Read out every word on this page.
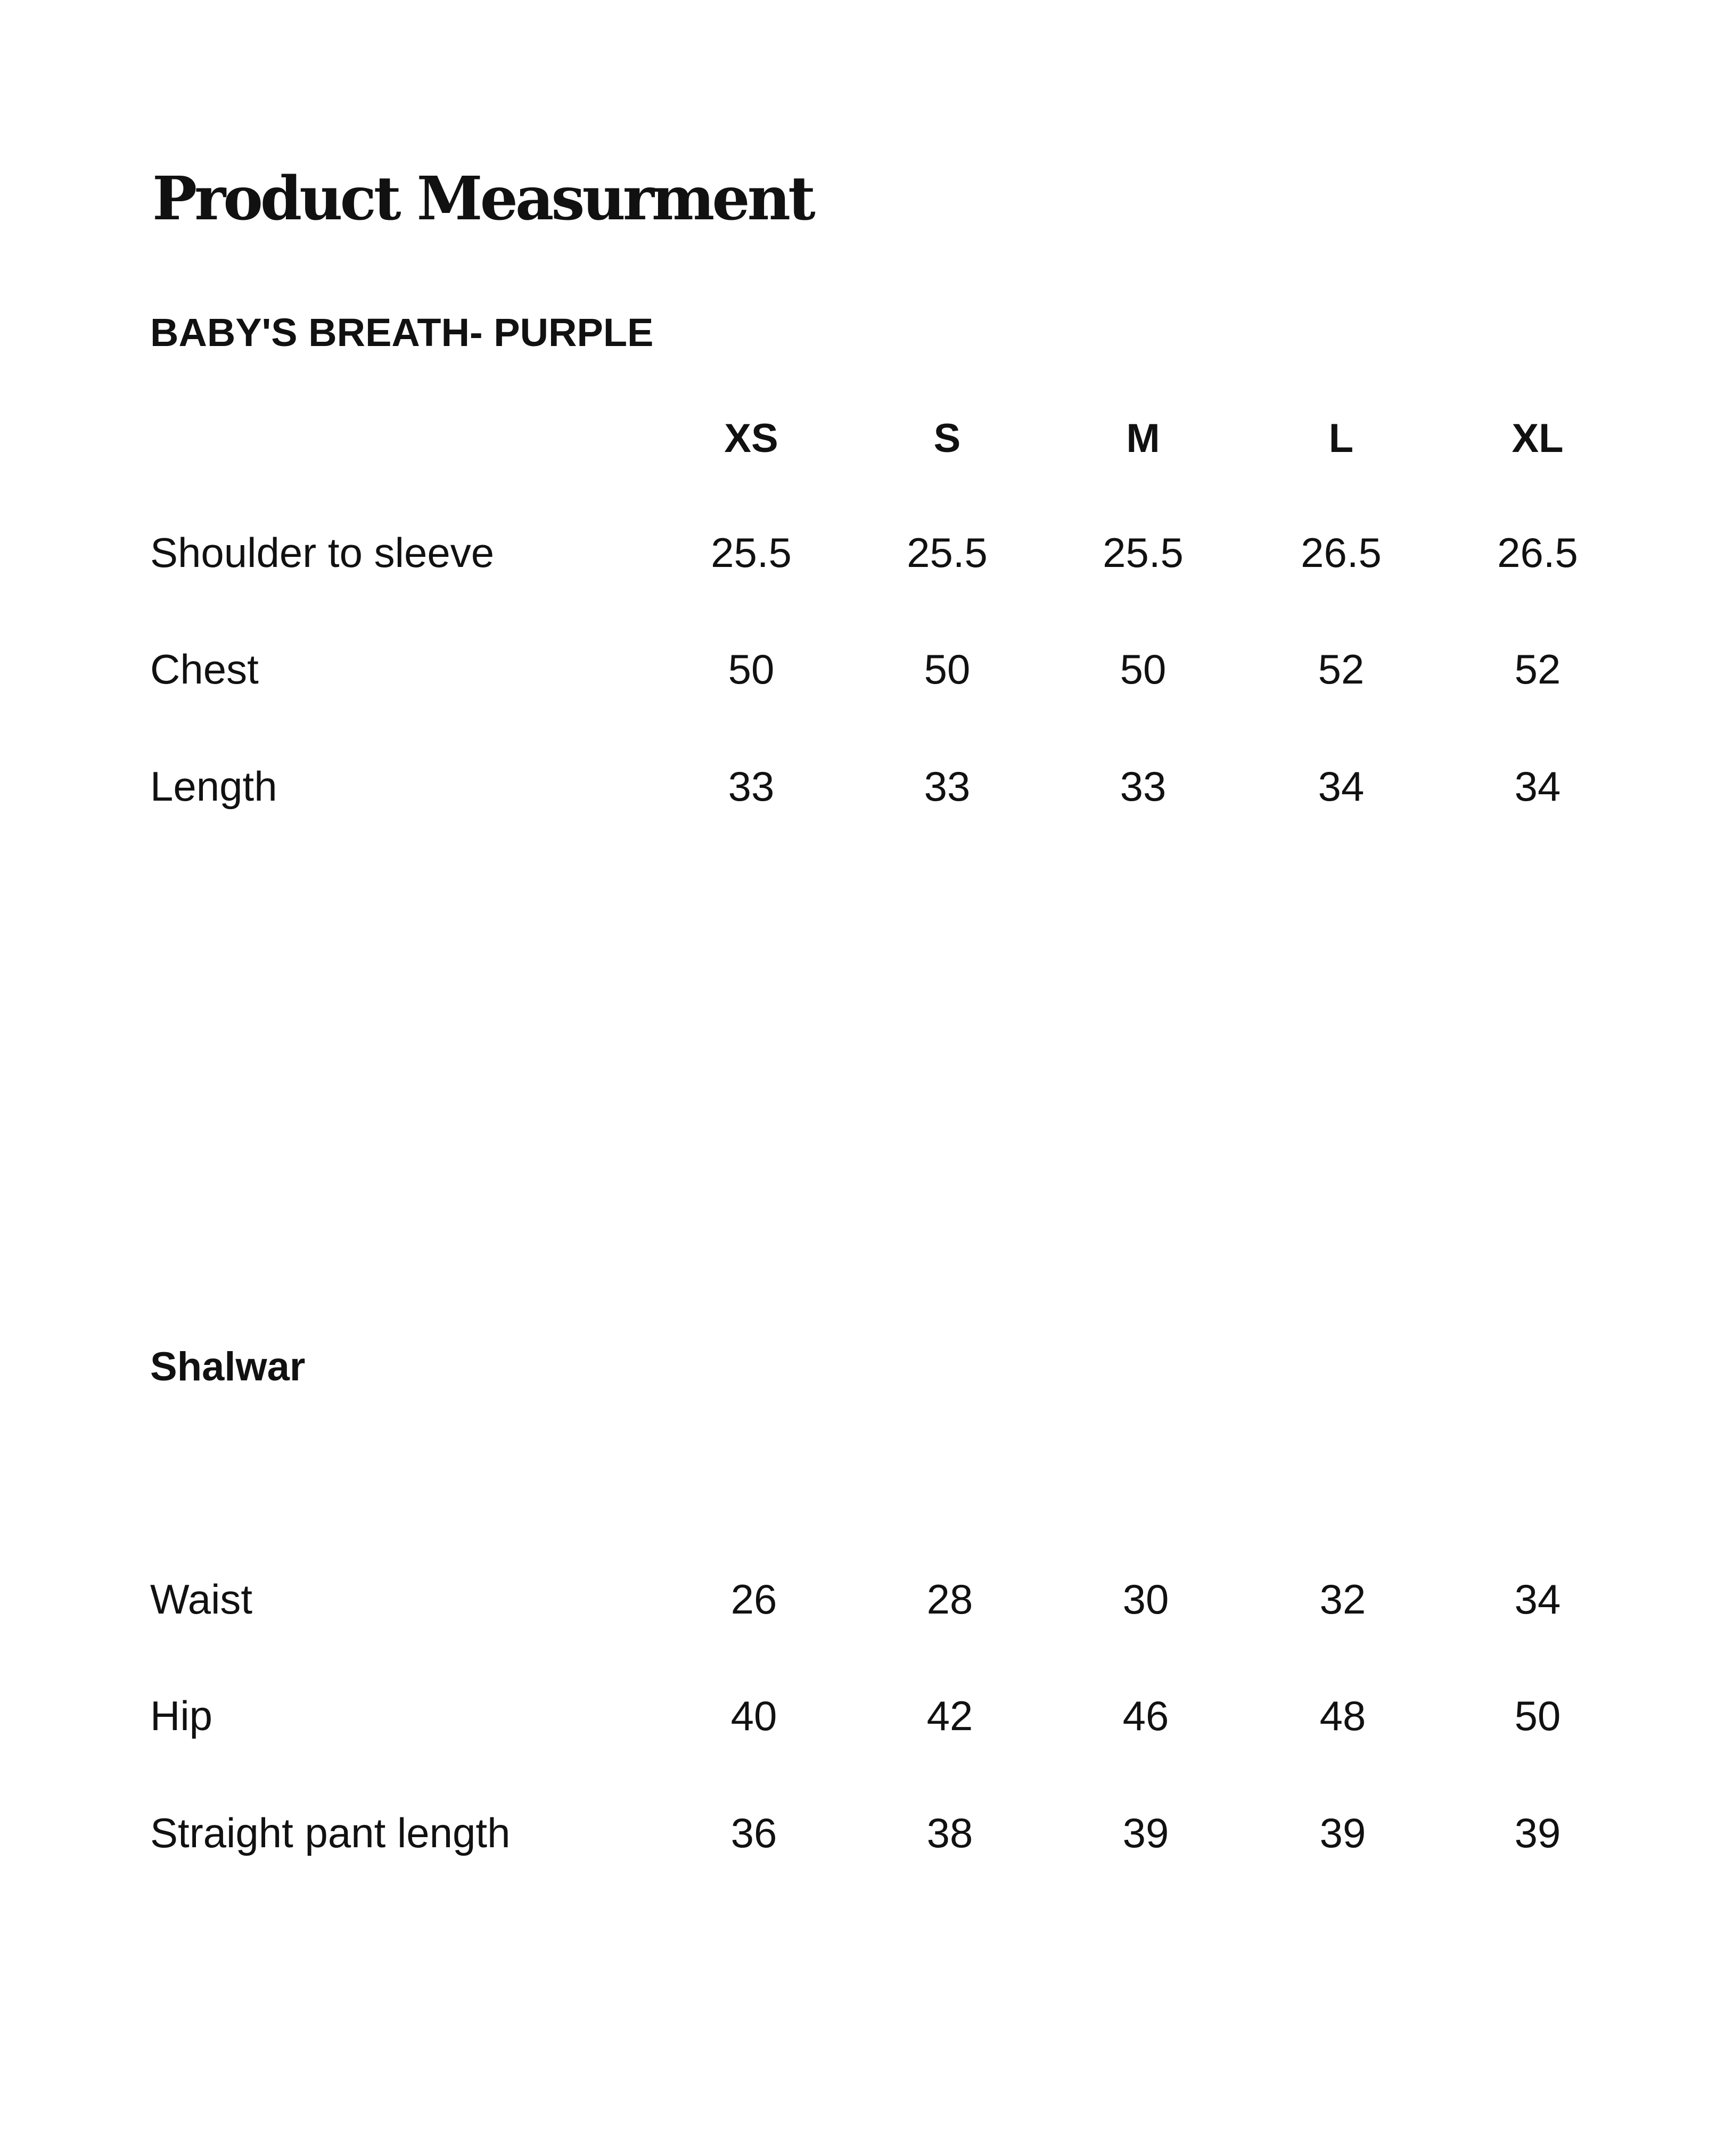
Product Measurment
BABY'S BREATH- PURPLE
XS	S	M	L	XL
Shoulder to sleeve	25.5	25.5	25.5	26.5	26.5
Chest	50	50	50	52	52
Length	33	33	33	34	34
Shalwar
Waist	26	28	30	32	34
Hip	40	42	46	48	50
Straight pant length	36	38	39	39	39
